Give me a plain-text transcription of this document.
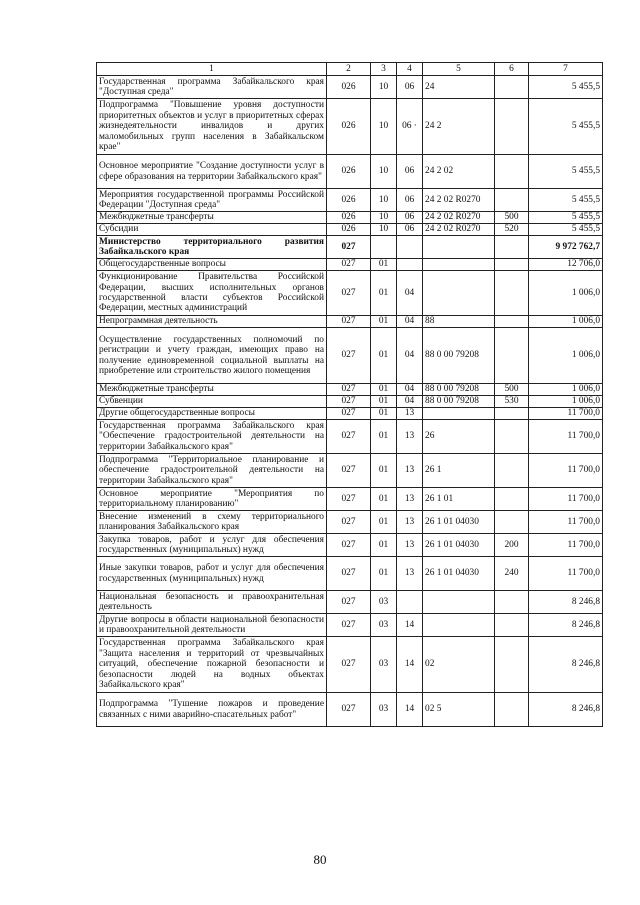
1	2	3	4	5	6	7
Государственная программа Забайкальского края "Доступная среда"	026	10	06	24		5 455,5
Подпрограмма "Повышение уровня доступности приоритетных объектов и услуг в приоритетных сферах жизнедеятельности инвалидов и других маломобильных групп населения в Забайкальском крае"	026	10	06 ·	24 2		5 455,5
Основное мероприятие "Создание доступности услуг в сфере образования на территории Забайкальского края"	026	10	06	24 2 02		5 455,5
Мероприятия государственной программы Российской Федерации "Доступная среда"	026	10	06	24 2 02 R0270		5 455,5
Межбюджетные трансферты	026	10	06	24 2 02 R0270	500	5 455,5
Субсидии	026	10	06	24 2 02 R0270	520	5 455,5
Министерство территориального развития Забайкальского края	027					9 972 762,7
Общегосударственные вопросы	027	01				12 706,0
Функционирование Правительства Российской Федерации, высших исполнительных органов государственной власти субъектов Российской Федерации, местных администраций	027	01	04			1 006,0
Непрограммная деятельность	027	01	04	88		1 006,0
Осуществление государственных полномочий по регистрации и учету граждан, имеющих право на получение единовременной социальной выплаты на приобретение или строительство жилого помещения	027	01	04	88 0 00 79208		1 006,0
Межбюджетные трансферты	027	01	04	88 0 00 79208	500	1 006,0
Субвенции	027	01	04	88 0 00 79208	530	1 006,0
Другие общегосударственные вопросы	027	01	13			11 700,0
Государственная программа Забайкальского края "Обеспечение градостроительной деятельности на территории Забайкальского края"	027	01	13	26		11 700,0
Подпрограмма "Территориальное планирование и обеспечение градостроительной деятельности на территории Забайкальского края"	027	01	13	26 1		11 700,0
Основное мероприятие "Мероприятия по территориальному планированию"	027	01	13	26 1 01		11 700,0
Внесение изменений в схему территориального планирования Забайкальского края	027	01	13	26 1 01 04030		11 700,0
Закупка товаров, работ и услуг для обеспечения государственных (муниципальных) нужд	027	01	13	26 1 01 04030	200	11 700,0
Иные закупки товаров, работ и услуг для обеспечения государственных (муниципальных) нужд	027	01	13	26 1 01 04030	240	11 700,0
Национальная безопасность и правоохранительная деятельность	027	03				8 246,8
Другие вопросы в области национальной безопасности и правоохранительной деятельности	027	03	14			8 246,8
Государственная программа Забайкальского края "Защита населения и территорий от чрезвычайных ситуаций, обеспечение пожарной безопасности и безопасности людей на водных объектах Забайкальского края"	027	03	14	02		8 246,8
Подпрограмма "Тушение пожаров и проведение связанных с ними аварийно-спасательных работ"	027	03	14	02 5		8 246,8
80
